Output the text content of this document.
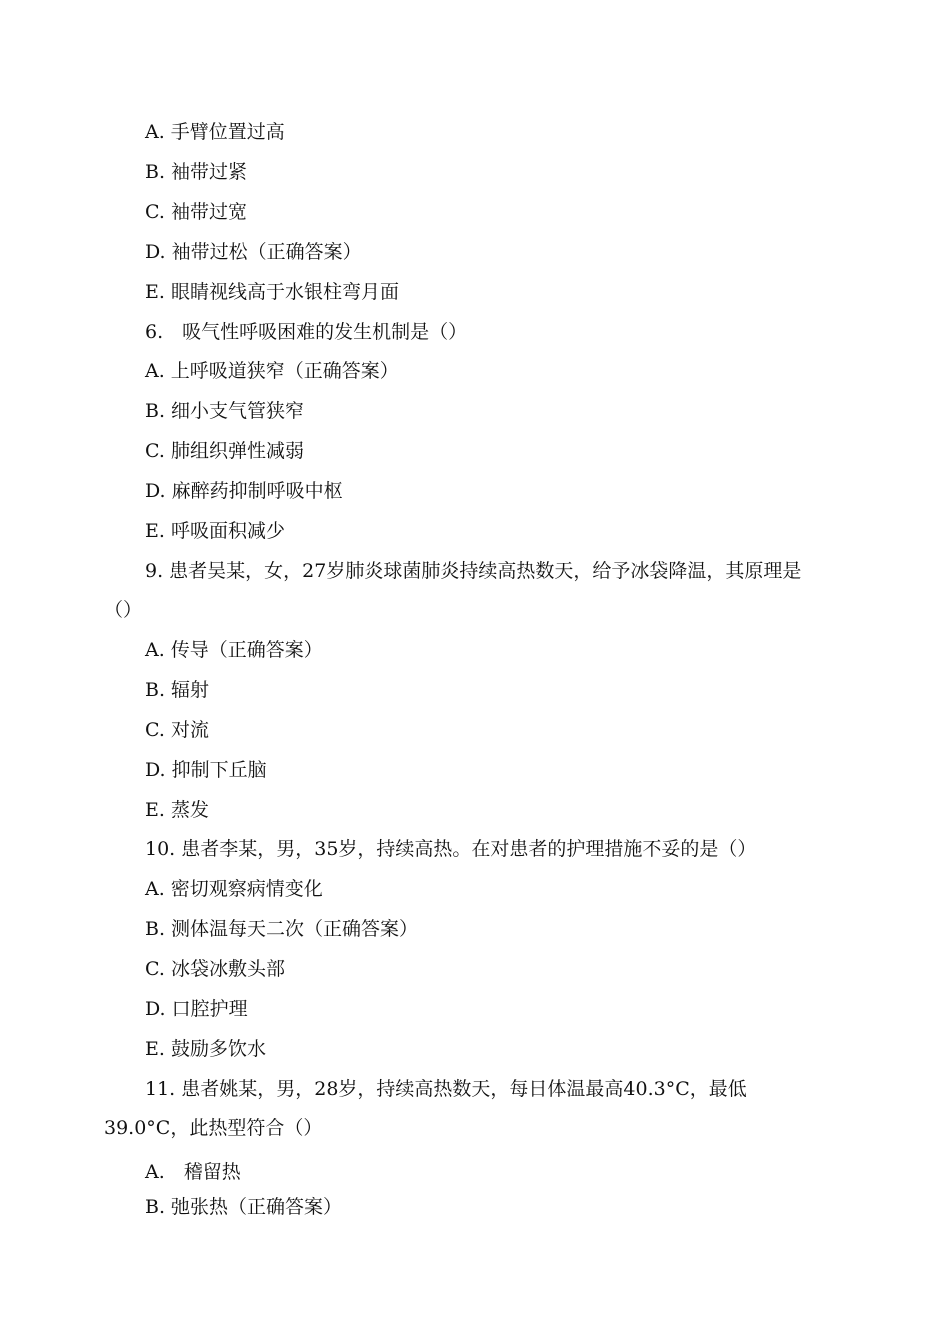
A. 手臂位置过高
B. 袖带过紧
C. 袖带过宽
D. 袖带过松（正确答案）
E. 眼睛视线高于水银柱弯月面
6.　吸气性呼吸困难的发生机制是（）
A. 上呼吸道狭窄（正确答案）
B. 细小支气管狭窄
C. 肺组织弹性减弱
D. 麻醉药抑制呼吸中枢
E. 呼吸面积减少
9. 患者吴某，女，27岁肺炎球菌肺炎持续高热数天，给予冰袋降温，其原理是
（）
A. 传导（正确答案）
B. 辐射
C. 对流
D. 抑制下丘脑
E. 蒸发
10. 患者李某，男，35岁，持续高热。在对患者的护理措施不妥的是（）
A. 密切观察病情变化
B. 测体温每天二次（正确答案）
C. 冰袋冰敷头部
D. 口腔护理
E. 鼓励多饮水
11. 患者姚某，男，28岁，持续高热数天，每日体温最高40.3°C，最低
39.0°C，此热型符合（）
A.　稽留热
B. 弛张热（正确答案）
